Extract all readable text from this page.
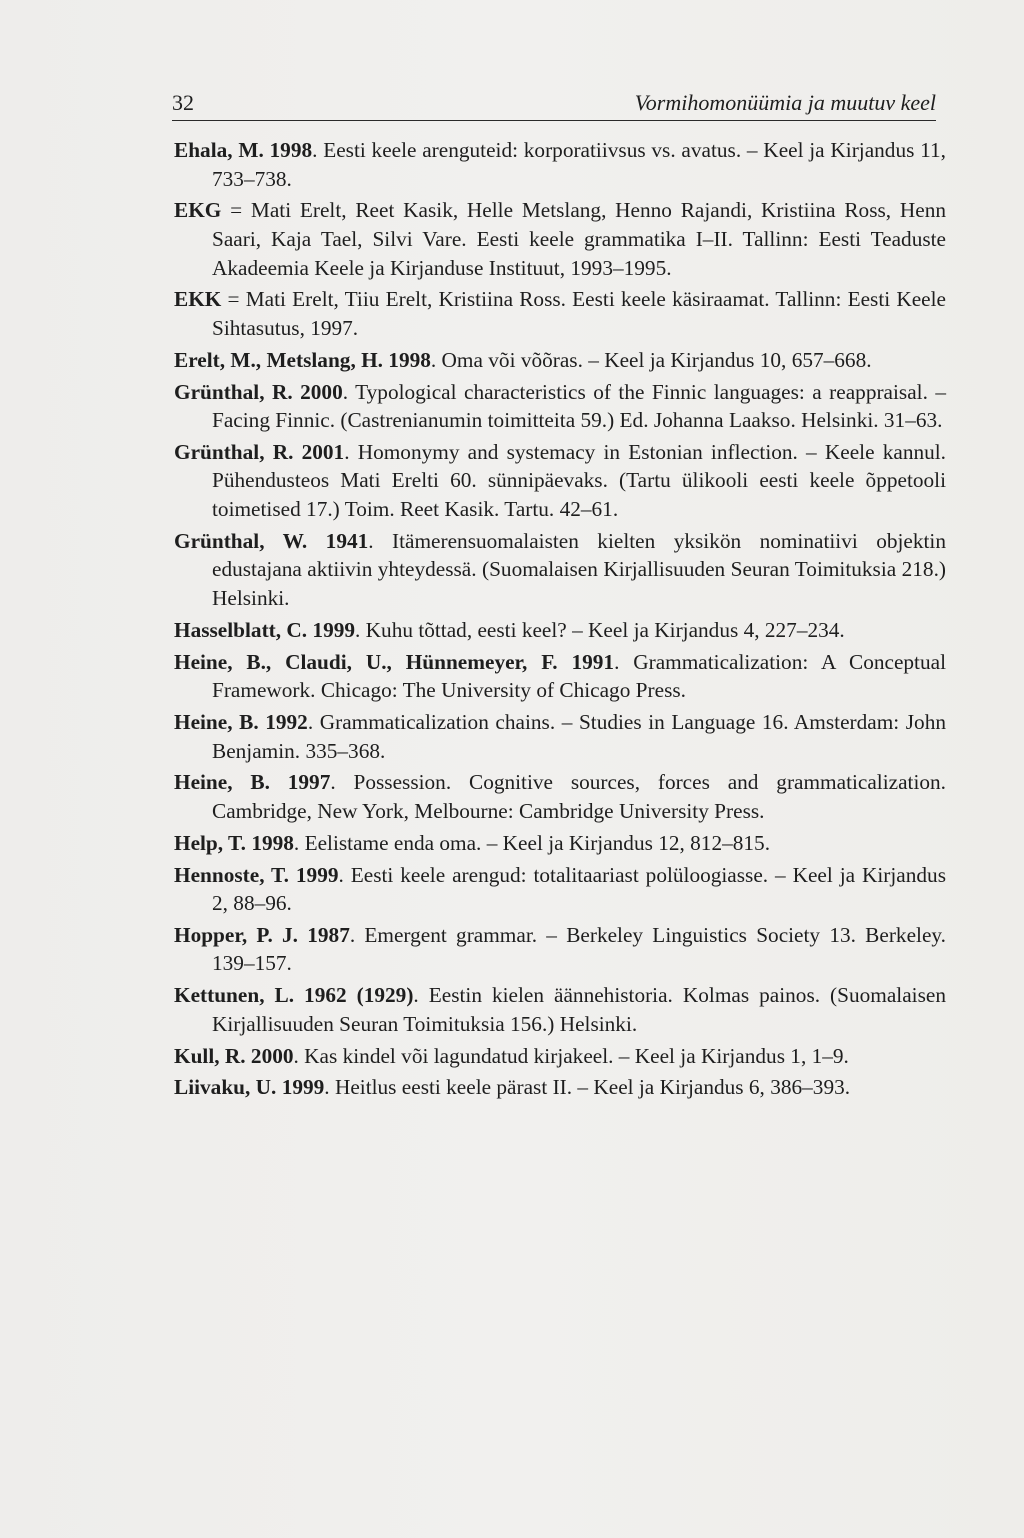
32	Vormihomonüümia ja muutuv keel

Ehala, M. 1998. Eesti keele arenguteid: korporatiivsus vs. avatus. – Keel ja Kirjandus 11, 733–738.

EKG = Mati Erelt, Reet Kasik, Helle Metslang, Henno Rajandi, Kristiina Ross, Henn Saari, Kaja Tael, Silvi Vare. Eesti keele grammatika I–II. Tallinn: Eesti Teaduste Akadeemia Keele ja Kirjanduse Instituut, 1993–1995.

EKK = Mati Erelt, Tiiu Erelt, Kristiina Ross. Eesti keele käsiraamat. Tallinn: Eesti Keele Sihtasutus, 1997.

Erelt, M., Metslang, H. 1998. Oma või võõras. – Keel ja Kirjandus 10, 657–668.

Grünthal, R. 2000. Typological characteristics of the Finnic languages: a reappraisal. – Facing Finnic. (Castrenianumin toimitteita 59.) Ed. Johanna Laakso. Helsinki. 31–63.

Grünthal, R. 2001. Homonymy and systemacy in Estonian inflection. – Keele kannul. Pühendusteos Mati Erelti 60. sünnipäevaks. (Tartu ülikooli eesti keele õppetooli toimetised 17.) Toim. Reet Kasik. Tartu. 42–61.

Grünthal, W. 1941. Itämerensuomalaisten kielten yksikön nominatiivi objektin edustajana aktiivin yhteydessä. (Suomalaisen Kirjallisuuden Seuran Toimituksia 218.) Helsinki.

Hasselblatt, C. 1999. Kuhu tõttad, eesti keel? – Keel ja Kirjandus 4, 227–234.

Heine, B., Claudi, U., Hünnemeyer, F. 1991. Grammaticalization: A Conceptual Framework. Chicago: The University of Chicago Press.

Heine, B. 1992. Grammaticalization chains. – Studies in Language 16. Amsterdam: John Benjamin. 335–368.

Heine, B. 1997. Possession. Cognitive sources, forces and grammaticalization. Cambridge, New York, Melbourne: Cambridge University Press.

Help, T. 1998. Eelistame enda oma. – Keel ja Kirjandus 12, 812–815.

Hennoste, T. 1999. Eesti keele arengud: totalitaariast polüloogiasse. – Keel ja Kirjandus 2, 88–96.

Hopper, P. J. 1987. Emergent grammar. – Berkeley Linguistics Society 13. Berkeley. 139–157.

Kettunen, L. 1962 (1929). Eestin kielen äännehistoria. Kolmas painos. (Suomalaisen Kirjallisuuden Seuran Toimituksia 156.) Helsinki.

Kull, R. 2000. Kas kindel või lagundatud kirjakeel. – Keel ja Kirjandus 1, 1–9.

Liivaku, U. 1999. Heitlus eesti keele pärast II. – Keel ja Kirjandus 6, 386–393.
